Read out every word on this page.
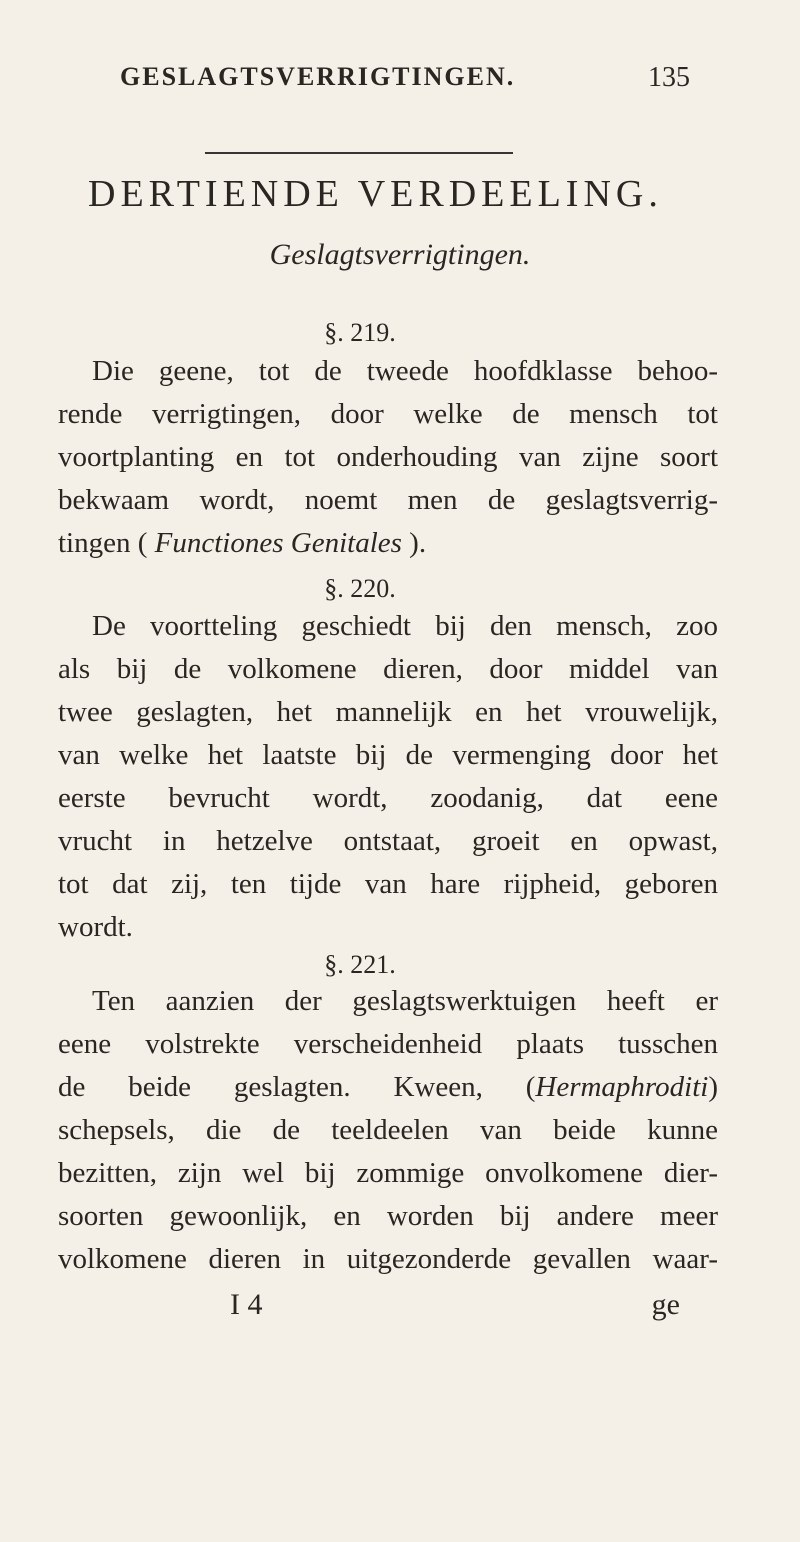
GESLAGTSVERRIGTINGEN.	135
DERTIENDE VERDEELING.
Geslagtsverrigtingen.
§. 219.
Die geene, tot de tweede hoofdklasse behoo-
rende verrigtingen, door welke de mensch tot
voortplanting en tot onderhouding van zijne soort
bekwaam wordt, noemt men de geslagtsverrig-
tingen ( Functiones Genitales ).
§. 220.
De voortteling geschiedt bij den mensch, zoo
als bij de volkomene dieren, door middel van
twee geslagten, het mannelijk en het vrouwelijk,
van welke het laatste bij de vermenging door het
eerste bevrucht wordt, zoodanig, dat eene
vrucht in hetzelve ontstaat, groeit en opwast,
tot dat zij, ten tijde van hare rijpheid, geboren
wordt.
§. 221.
Ten aanzien der geslagtswerktuigen heeft er
eene volstrekte verscheidenheid plaats tusschen
de beide geslagten. Kween, (Hermaphroditi)
schepsels, die de teeldeelen van beide kunne
bezitten, zijn wel bij zommige onvolkomene dier-
soorten gewoonlijk, en worden bij andere meer
volkomene dieren in uitgezonderde gevallen waar-
I 4	ge
